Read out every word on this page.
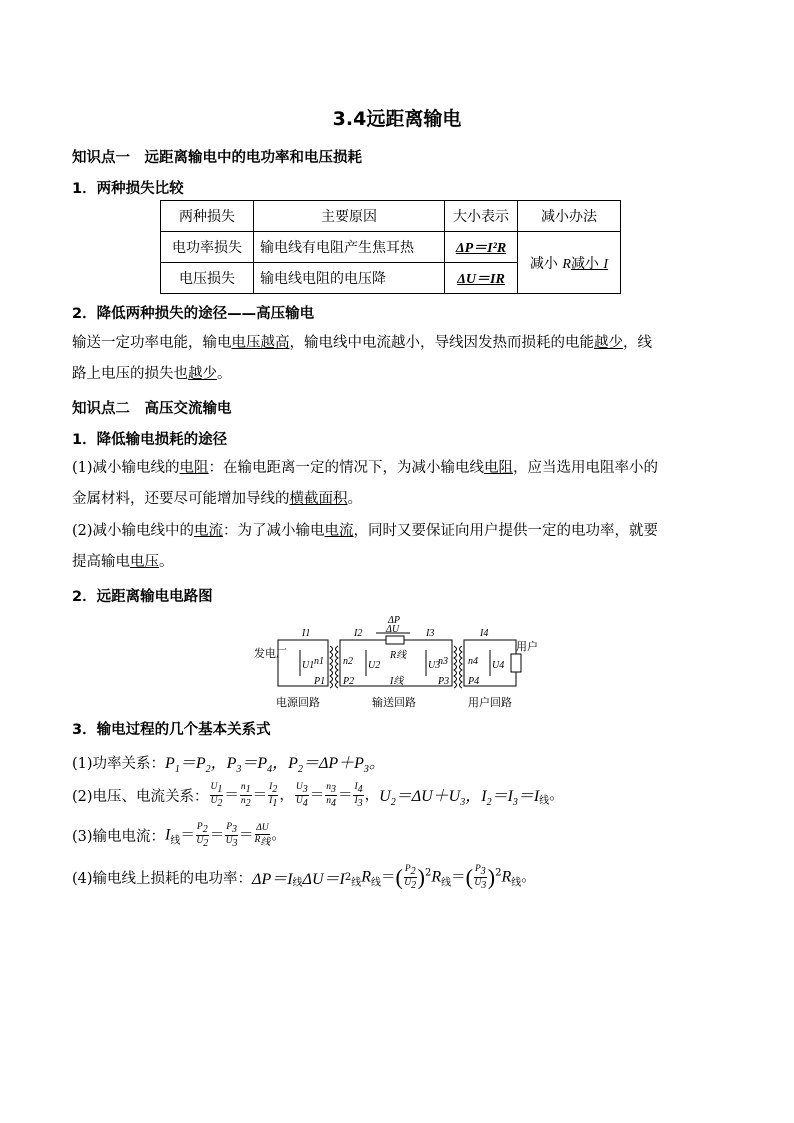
3.4远距离输电
知识点一　远距离输电中的电功率和电压损耗
1．两种损失比较
两种损失	主要原因	大小表示	减小办法
电功率损失	输电线有电阻产生焦耳热	ΔP＝I²R	减小 R减小 I
电压损失	输电线电阻的电压降	ΔU＝IR	
2．降低两种损失的途径——高压输电
输送一定功率电能，输电电压越高，输电线中电流越小，导线因发热而损耗的电能越少，线
路上电压的损失也越少。
知识点二　高压交流输电
1．降低输电损耗的途径
(1)减小输电线的电阻：在输电距离一定的情况下，为减小输电线电阻，应当选用电阻率小的
金属材料，还要尽可能增加导线的横截面积。
(2)减小输电线中的电流：为了减小输电电流，同时又要保证向用户提供一定的电功率，就要
提高输电电压。
2．远距离输电电路图
发电厂
用户
电源回路	输送回路	用户回路
I1	I2	I3	I4
ΔP
ΔU
R线
I线
U1	U2	U3	U4
n1 n2	n3 n4
P1 P2	P3 P4
3．输电过程的几个基本关系式
(1)功率关系：$P_1=P_2$，$P_3=P_4$，$P_2=\Delta P+P_3$。
(2)电压、电流关系： $\frac{U_1}{U_2} = \frac{n_1}{n_2} = \frac{I_2}{I_1}$ ， $\frac{U_3}{U_4} = \frac{n_3}{n_4} = \frac{I_4}{I_3}$ ，$U_2=\Delta U+U_3$，$I_2=I_3=I_线$。
(3)输电电流：$I_线= \frac{P_2}{U_2} = \frac{P_3}{U_3} = \frac{\Delta U}{R_线}$ 。
(4)输电线上损耗的电功率：$\Delta P=I_线\Delta U=I2_线R_线=( \frac{P_2}{U_2} )^2R_线=( \frac{P_3}{U_3} )^2R_线$。
